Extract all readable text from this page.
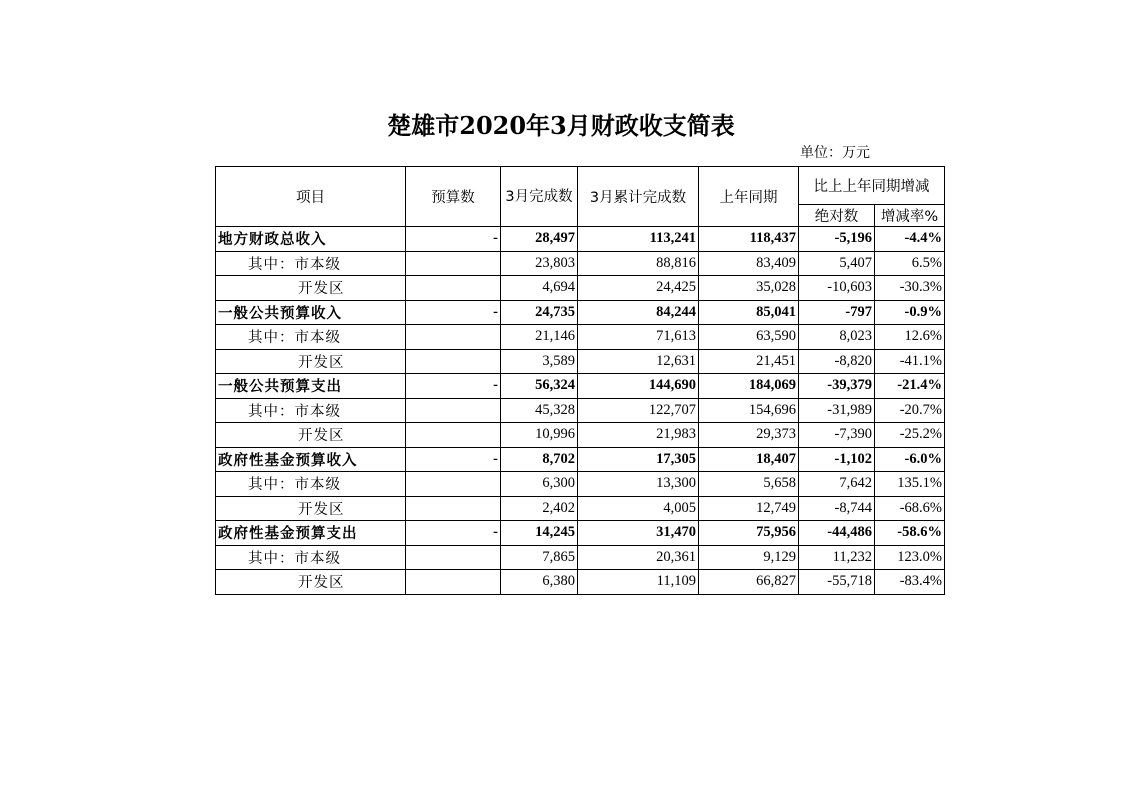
楚雄市2020年3月财政收支简表
单位：万元
项目	预算数	3月完成数	3月累计完成数	上年同期	比上上年同期增减	
					绝对数	增减率%
地方财政总收入	-	28,497	113,241	118,437	-5,196	-4.4%
其中：市本级		23,803	88,816	83,409	5,407	6.5%
开发区		4,694	24,425	35,028	-10,603	-30.3%
一般公共预算收入	-	24,735	84,244	85,041	-797	-0.9%
其中：市本级		21,146	71,613	63,590	8,023	12.6%
开发区		3,589	12,631	21,451	-8,820	-41.1%
一般公共预算支出	-	56,324	144,690	184,069	-39,379	-21.4%
其中：市本级		45,328	122,707	154,696	-31,989	-20.7%
开发区		10,996	21,983	29,373	-7,390	-25.2%
政府性基金预算收入	-	8,702	17,305	18,407	-1,102	-6.0%
其中：市本级		6,300	13,300	5,658	7,642	135.1%
开发区		2,402	4,005	12,749	-8,744	-68.6%
政府性基金预算支出	-	14,245	31,470	75,956	-44,486	-58.6%
其中：市本级		7,865	20,361	9,129	11,232	123.0%
开发区		6,380	11,109	66,827	-55,718	-83.4%
